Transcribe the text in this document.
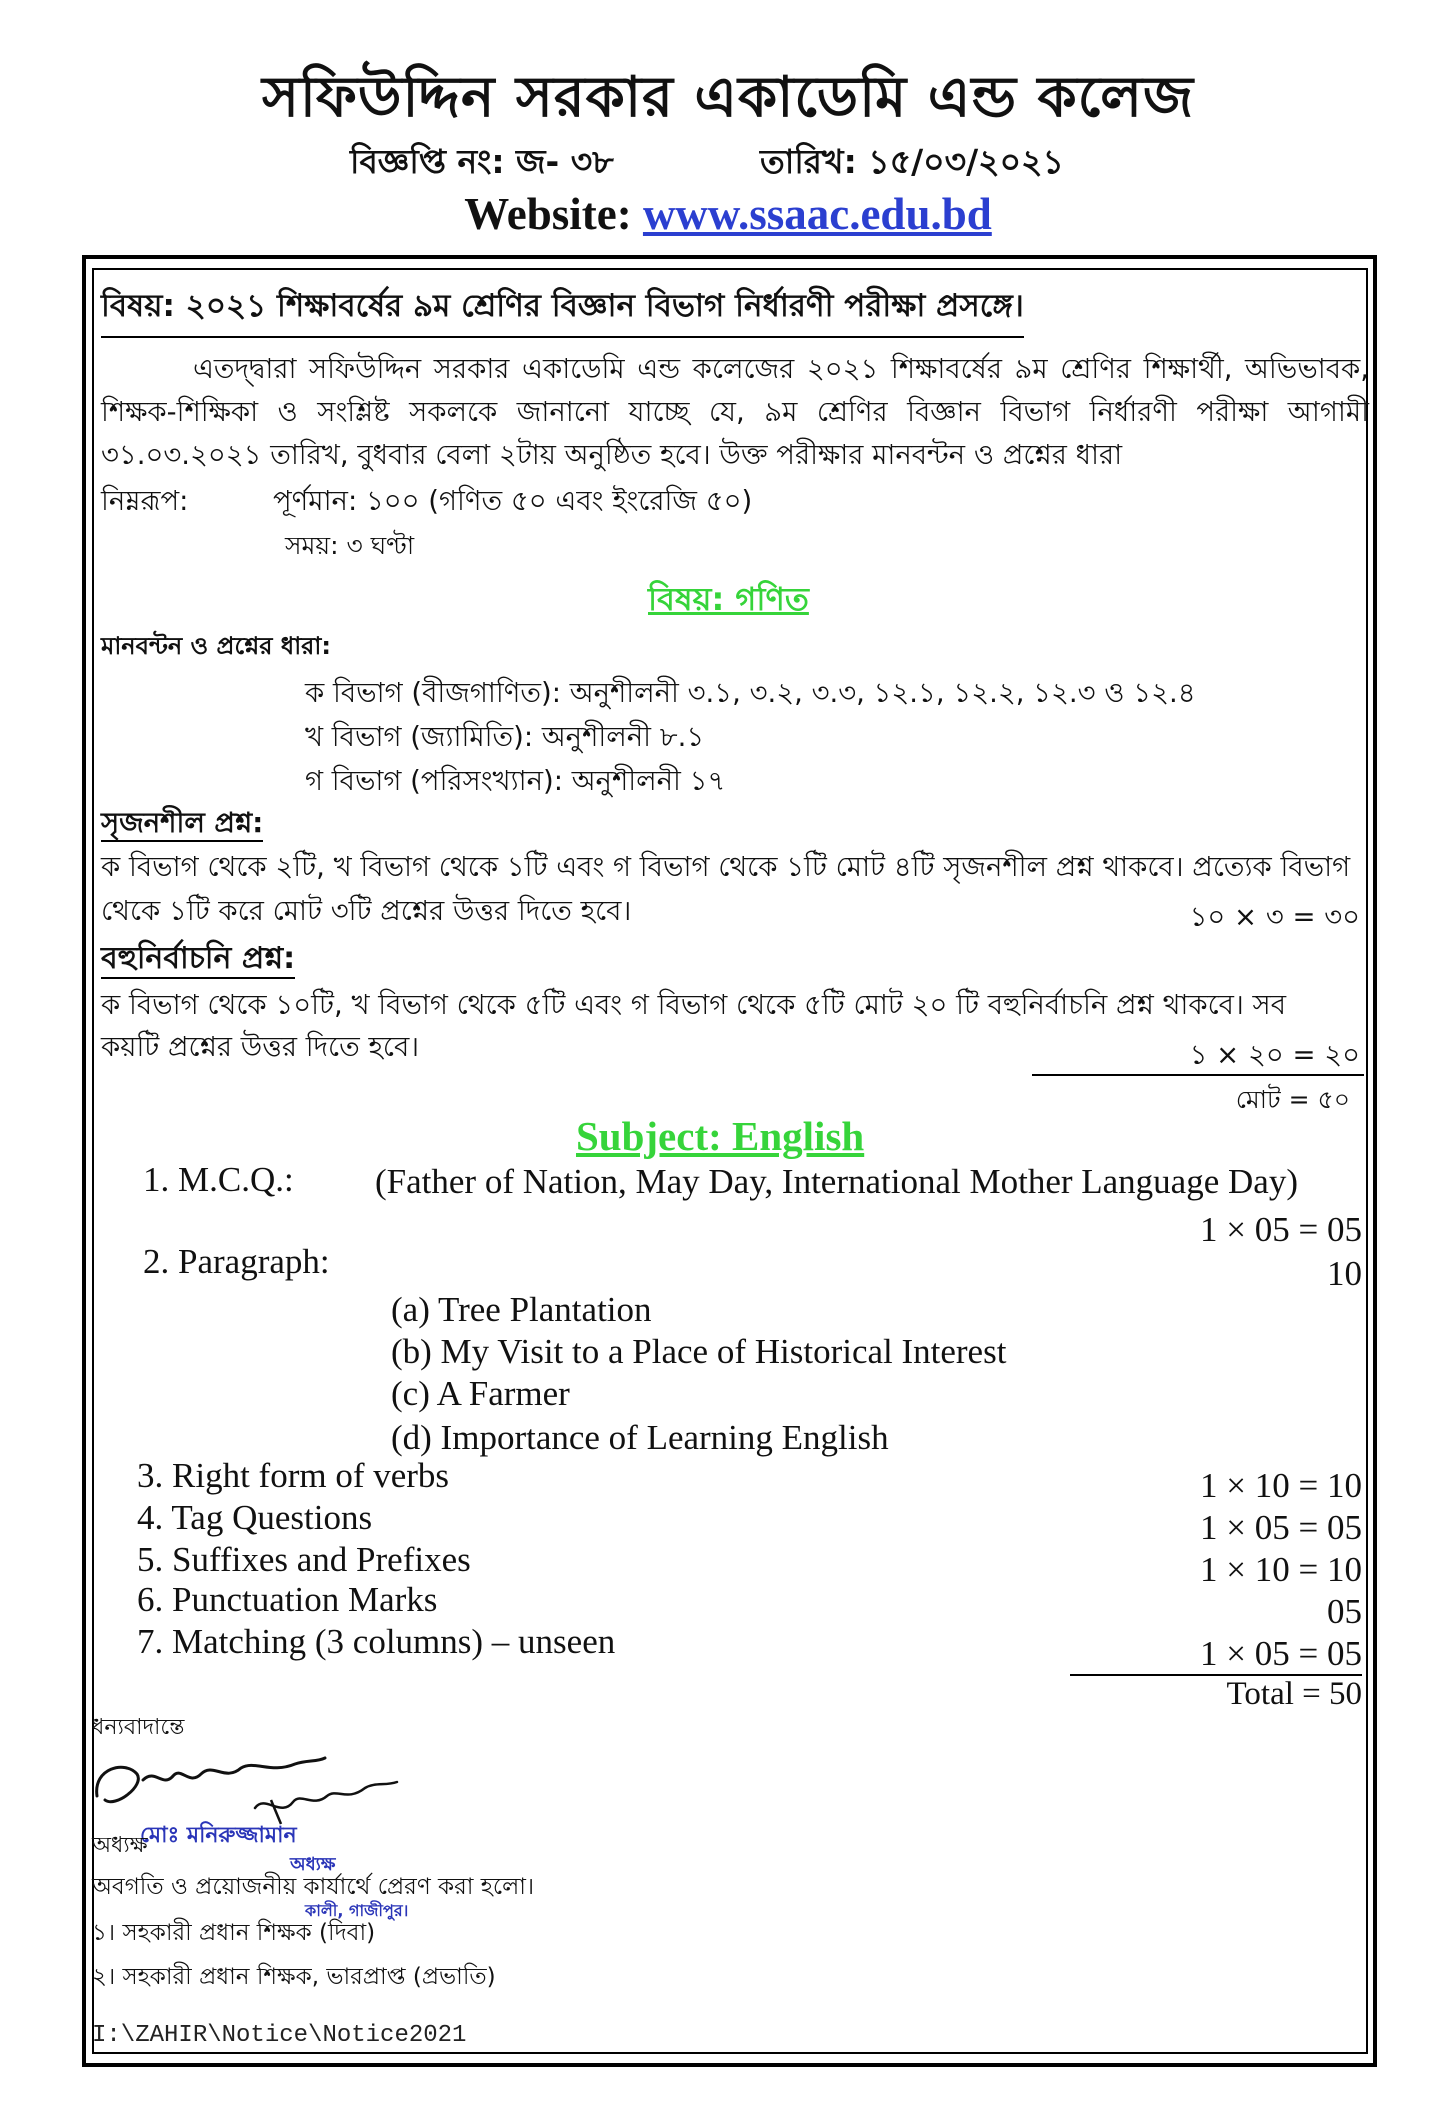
সফিউদ্দিন সরকার একাডেমি এন্ড কলেজ
বিজ্ঞপ্তি নং: জ- ৩৮	তারিখ: ১৫/০৩/২০২১
Website: www.ssaac.edu.bd
বিষয়: ২০২১ শিক্ষাবর্ষের ৯ম শ্রেণির বিজ্ঞান বিভাগ নির্ধারণী পরীক্ষা প্রসঙ্গে।

এতদ্দ্বারা সফিউদ্দিন সরকার একাডেমি এন্ড কলেজের ২০২১ শিক্ষাবর্ষের ৯ম শ্রেণির শিক্ষার্থী, অভিভাবক, শিক্ষক-শিক্ষিকা ও সংশ্লিষ্ট সকলকে জানানো যাচ্ছে যে, ৯ম শ্রেণির বিজ্ঞান বিভাগ নির্ধারণী পরীক্ষা আগামী ৩১.০৩.২০২১ তারিখ, বুধবার বেলা ২টায় অনুষ্ঠিত হবে। উক্ত পরীক্ষার মানবন্টন ও প্রশ্নের ধারা

নিম্নরূপ:	পূর্ণমান: ১০০ (গণিত ৫০ এবং ইংরেজি ৫০)
সময়: ৩ ঘণ্টা
বিষয়: গণিত
মানবন্টন ও প্রশ্নের ধারা:
ক বিভাগ (বীজগাণিত): অনুশীলনী ৩.১, ৩.২, ৩.৩, ১২.১, ১২.২, ১২.৩ ও ১২.৪
খ বিভাগ (জ্যামিতি): অনুশীলনী ৮.১
গ বিভাগ (পরিসংখ্যান): অনুশীলনী ১৭
সৃজনশীল প্রশ্ন:
ক বিভাগ থেকে ২টি, খ বিভাগ থেকে ১টি এবং গ বিভাগ থেকে ১টি মোট ৪টি সৃজনশীল প্রশ্ন থাকবে। প্রত্যেক বিভাগ
থেকে ১টি করে মোট ৩টি প্রশ্নের উত্তর দিতে হবে।	১০ × ৩ = ৩০
বহুনির্বাচনি প্রশ্ন:
ক বিভাগ থেকে ১০টি, খ বিভাগ থেকে ৫টি এবং গ বিভাগ থেকে ৫টি মোট ২০ টি বহুনির্বাচনি প্রশ্ন থাকবে। সব
কয়টি প্রশ্নের উত্তর দিতে হবে।	১ × ২০ = ২০
মোট = ৫০
Subject: English
1. M.C.Q.: (Father of Nation, May Day, International Mother Language Day)
1 × 05 = 05
2. Paragraph:	10
(a) Tree Plantation
(b) My Visit to a Place of Historical Interest
(c) A Farmer
(d) Importance of Learning English
3. Right form of verbs	1 × 10 = 10
4. Tag Questions	1 × 05 = 05
5. Suffixes and Prefixes	1 × 10 = 10
6. Punctuation Marks	05
7. Matching (3 columns) – unseen	1 × 05 = 05
Total = 50
ধন্যবাদান্তে
মোঃ মনিরুজ্জামান
অধ্যক্ষ
অধ্যক্ষ
অবগতি ও প্রয়োজনীয় কার্যার্থে প্রেরণ করা হলো।
কালী, গাজীপুর।
১। সহকারী প্রধান শিক্ষক (দিবা)
২। সহকারী প্রধান শিক্ষক, ভারপ্রাপ্ত (প্রভাতি)
I:\ZAHIR\Notice\Notice2021
